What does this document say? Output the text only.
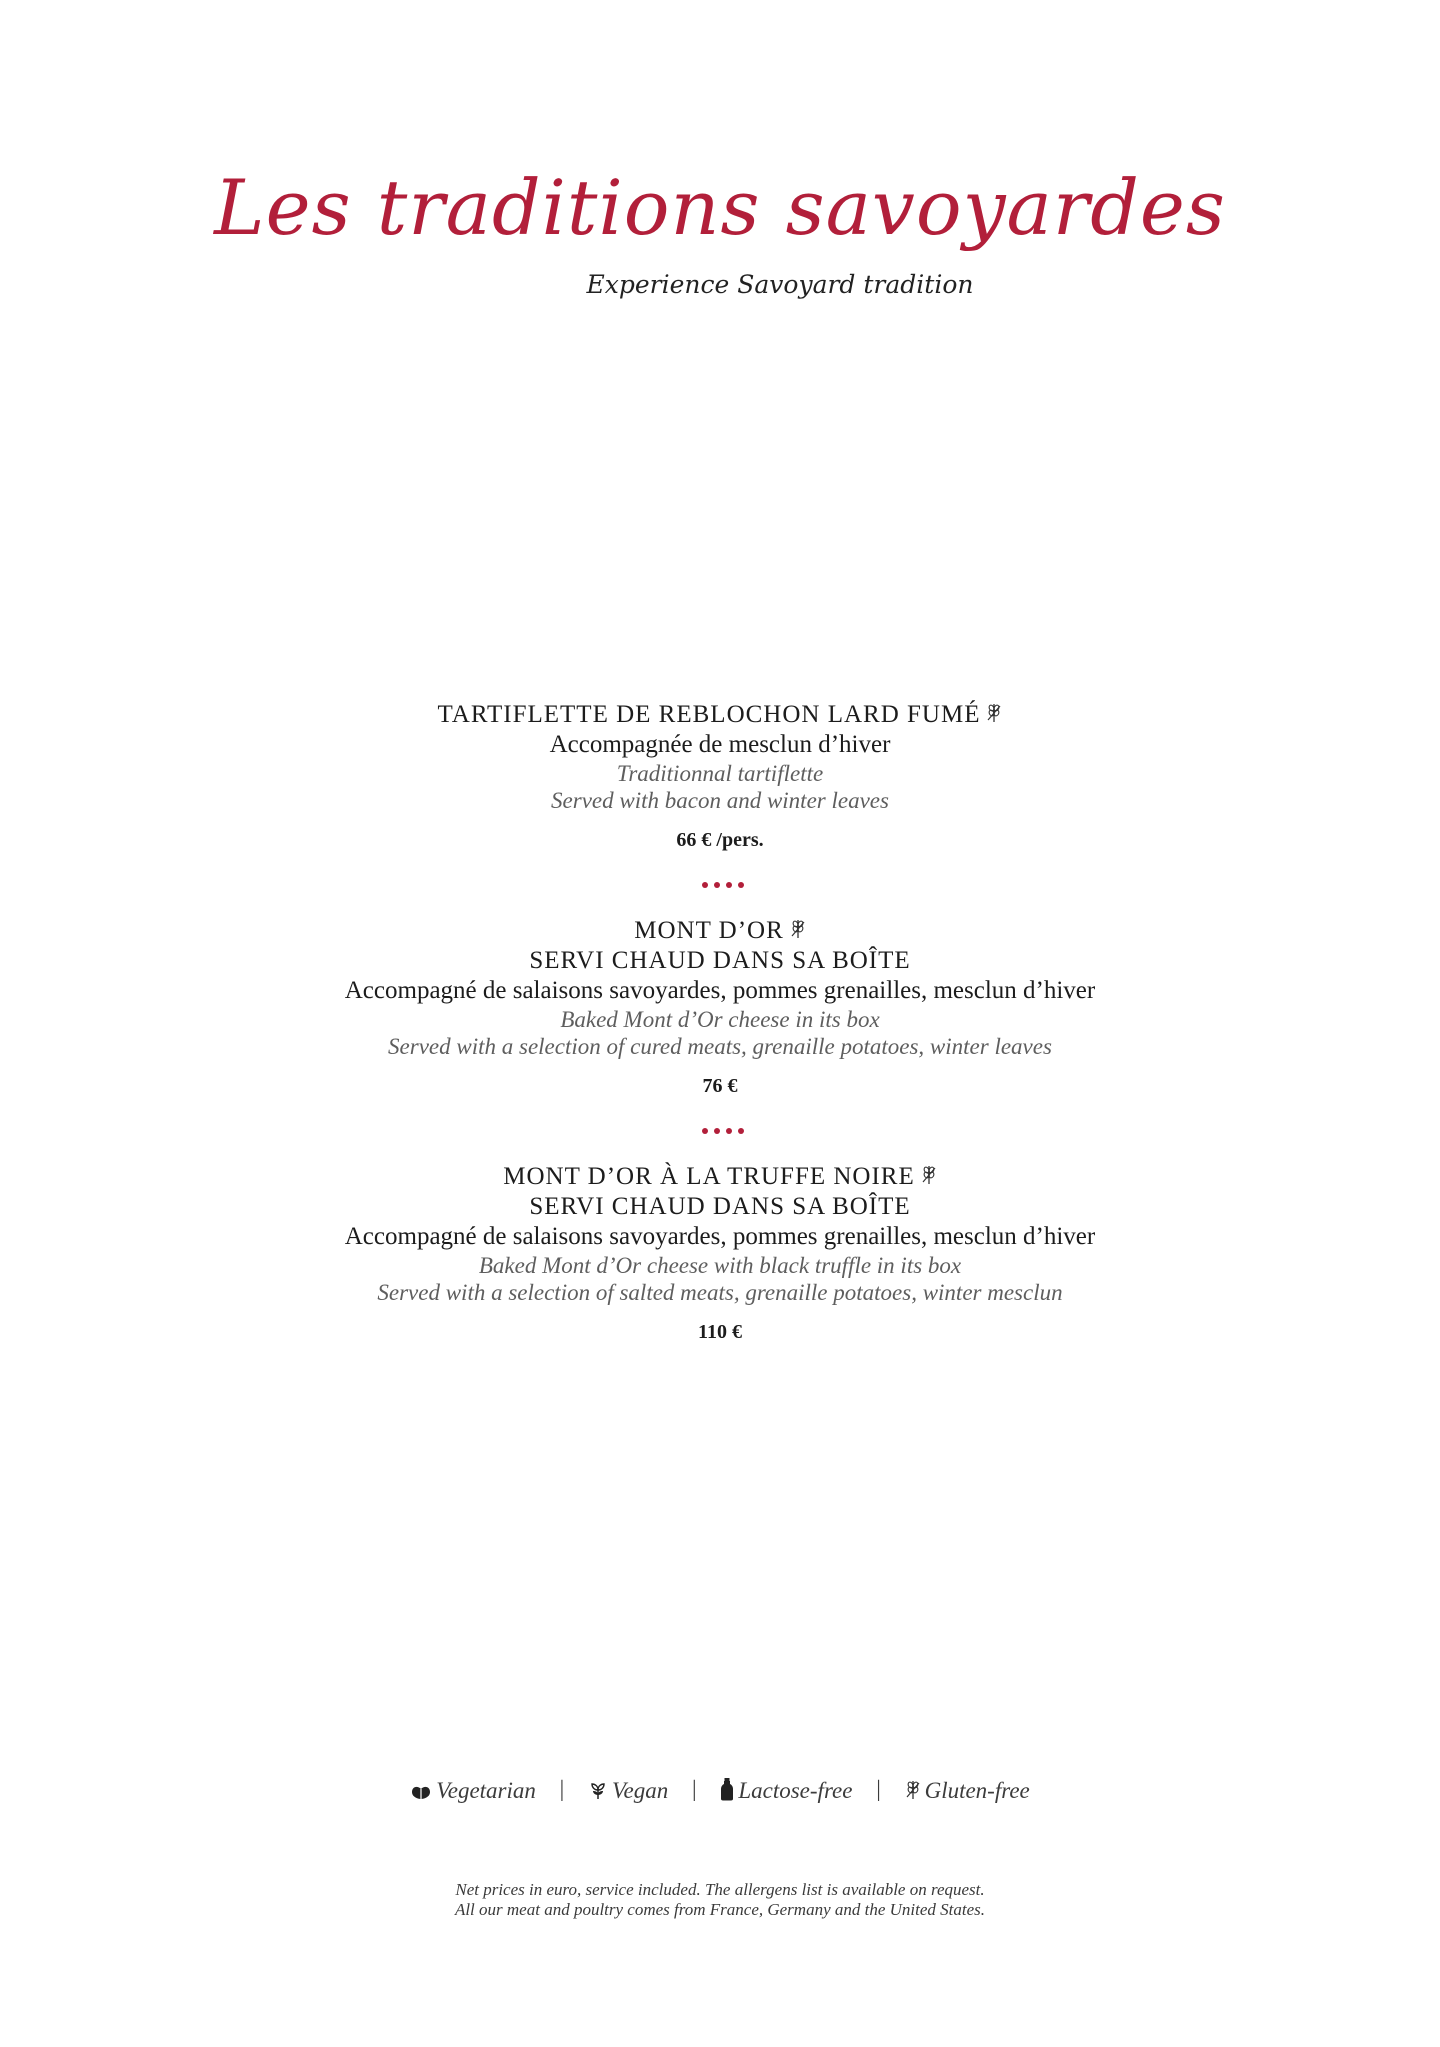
Les traditions savoyardes
Experience Savoyard tradition

TARTIFLETTE DE REBLOCHON LARD FUMÉ

Accompagnée de mesclun d’hiver

Traditionnal tartiflette

Served with bacon and winter leaves

66 € /pers.

MONT D’OR

SERVI CHAUD DANS SA BOÎTE

Accompagné de salaisons savoyardes, pommes grenailles, mesclun d’hiver

Baked Mont d’Or cheese in its box

Served with a selection of cured meats, grenaille potatoes, winter leaves

76 €

MONT D’OR À LA TRUFFE NOIRE

SERVI CHAUD DANS SA BOÎTE

Accompagné de salaisons savoyardes, pommes grenailles, mesclun d’hiver

Baked Mont d’Or cheese with black truffle in its box

Served with a selection of salted meats, grenaille potatoes, winter mesclun

110 €
Vegetarian | Vegan | Lactose-free | Gluten-free

Net prices in euro, service included. The allergens list is available on request.

All our meat and poultry comes from France, Germany and the United States.
